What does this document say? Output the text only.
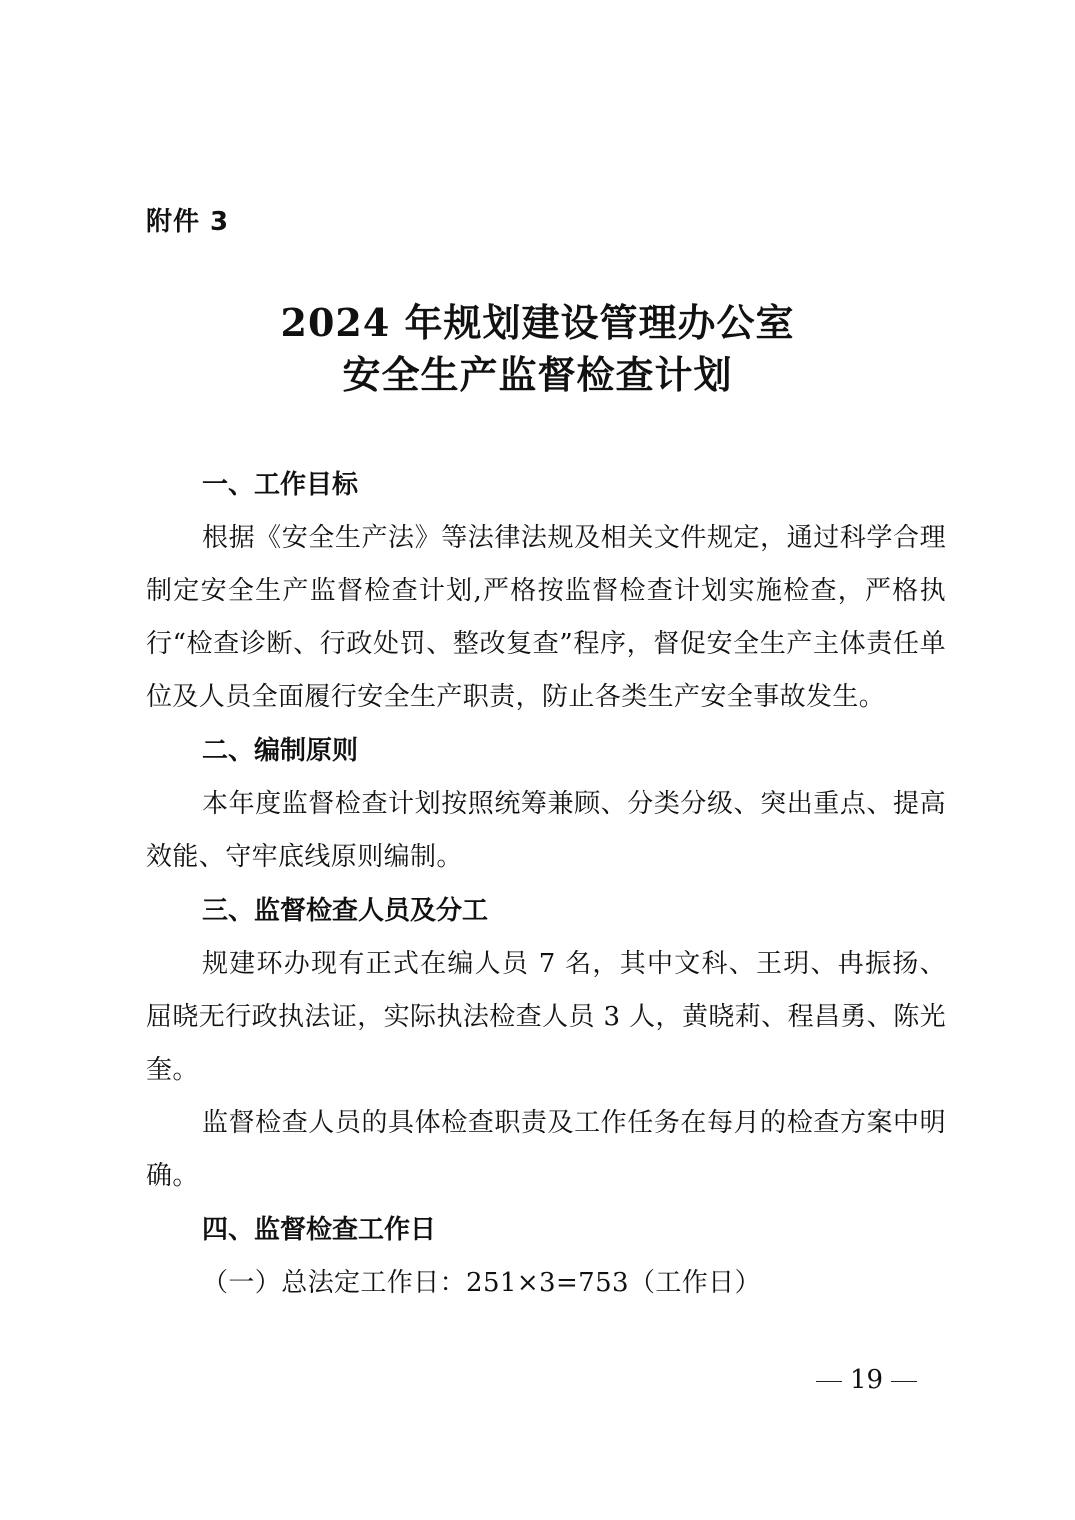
附件 3
2024 年规划建设管理办公室
安全生产监督检查计划
一、工作目标

根据《安全生产法》等法律法规及相关文件规定，通过科学合理制定安全生产监督检查计划,严格按监督检查计划实施检查，严格执行“检查诊断、行政处罚、整改复查”程序，督促安全生产主体责任单位及人员全面履行安全生产职责，防止各类生产安全事故发生。

二、编制原则

本年度监督检查计划按照统筹兼顾、分类分级、突出重点、提高效能、守牢底线原则编制。

三、监督检查人员及分工

规建环办现有正式在编人员 7 名，其中文科、王玥、冉振扬、屈晓无行政执法证，实际执法检查人员 3 人，黄晓莉、程昌勇、陈光奎。

监督检查人员的具体检查职责及工作任务在每月的检查方案中明确。

四、监督检查工作日

（一）总法定工作日：251×3=753（工作日）

19
